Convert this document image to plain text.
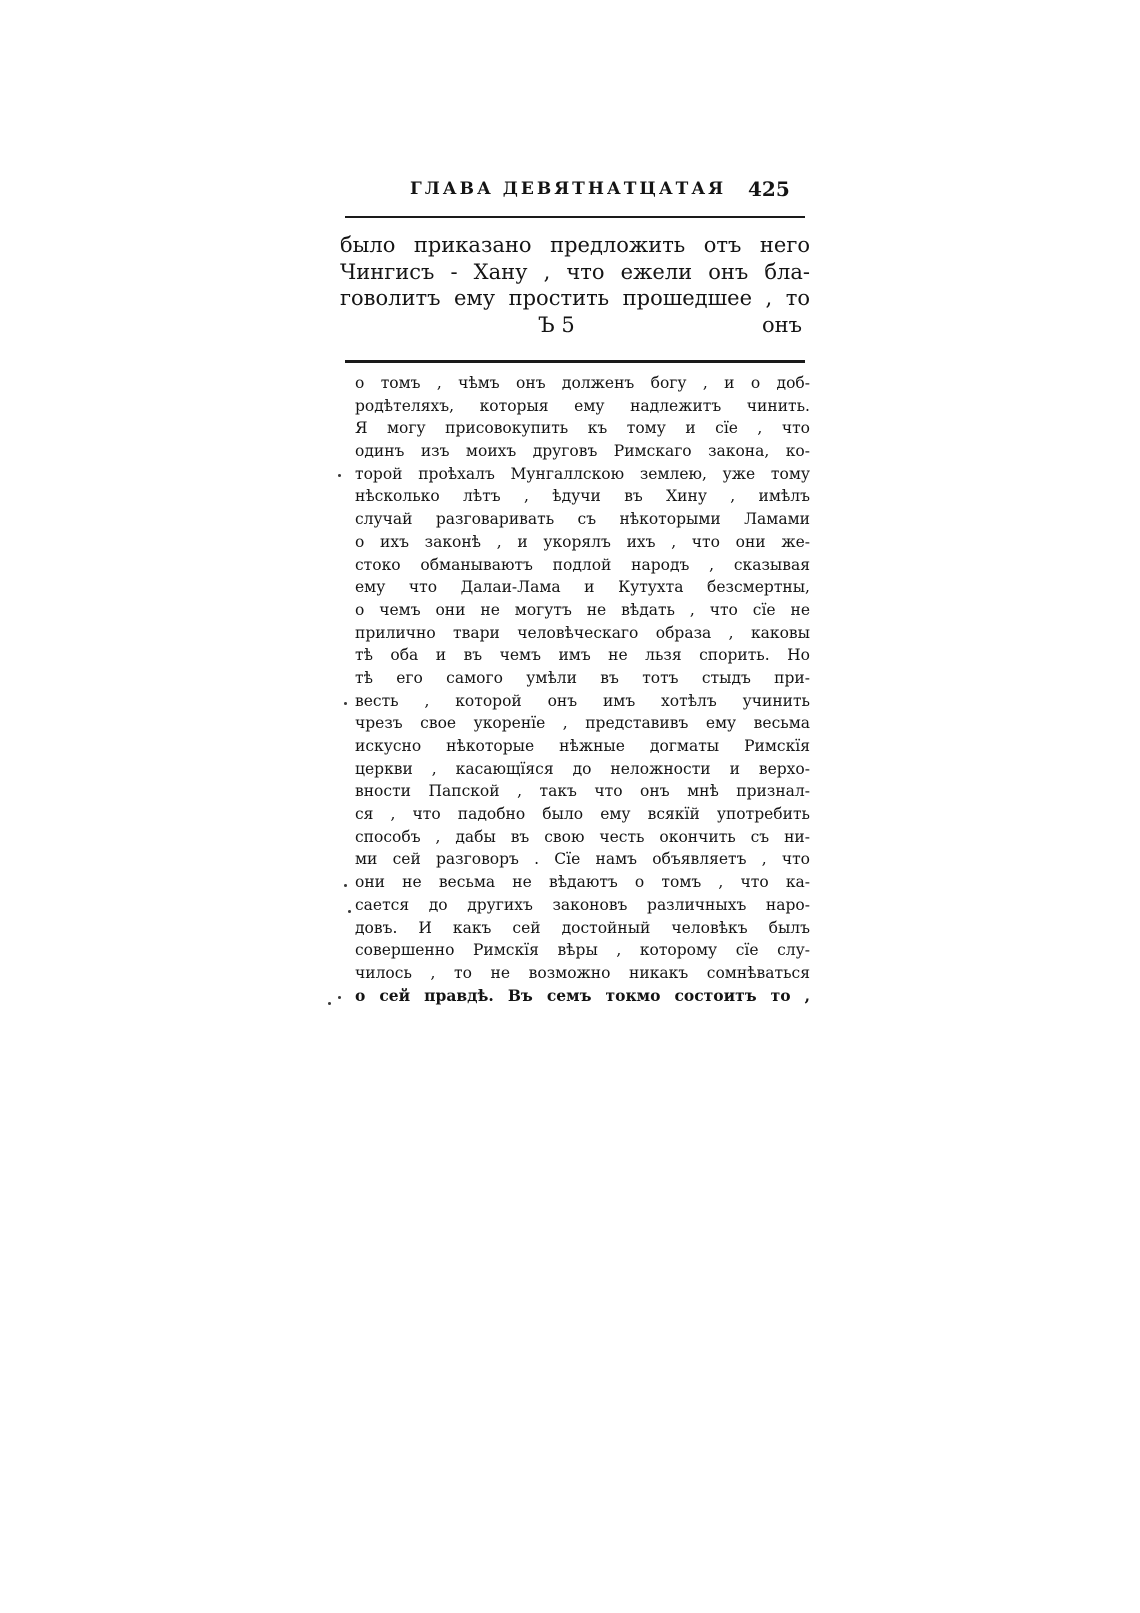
ГЛАВА ДЕВЯТНАТЦАТАЯ 425
было приказано предложить отъ него
Чингисъ - Хану , что ежели онъ бла-
говолитъ ему простить прошедшее , то
Ъ 5	онъ
о томъ , чѣмъ онъ долженъ богу , и о доб-
родѣтеляхъ, которыя ему надлежитъ чинить.
Я могу присовокупить къ тому и сїе , что
одинъ изъ моихъ друговъ Римскаго закона, ко-
торой проѣхалъ Мунгаллскою землею, уже тому
нѣсколько лѣтъ , ѣдучи въ Хину , имѣлъ
случай разговаривать съ нѣкоторыми Ламами
о ихъ законѣ , и укорялъ ихъ , что они же-
стоко обманываютъ подлой народъ , сказывая
ему что Далаи-Лама и Кутухта безсмертны,
о чемъ они не могутъ не вѣдать , что сїе не
прилично твари человѣческаго образа , каковы
тѣ оба и въ чемъ имъ не льзя спорить. Но
тѣ его самого умѣли въ тотъ стыдъ при-
весть , которой онъ имъ хотѣлъ учинить
чрезъ свое укоренїе , представивъ ему весьма
искусно нѣкоторые нѣжные догматы Римскїя
церкви , касающїяся до неложности и верхо-
вности Папской , такъ что онъ мнѣ признал-
ся , что падобно было ему всякїй употребить
способъ , дабы въ свою честь окончить съ ни-
ми сей разговоръ . Сїе намъ объявляетъ , что
они не весьма не вѣдаютъ о томъ , что ка-
сается до другихъ законовъ различныхъ наро-
довъ. И какъ сей достойный человѣкъ былъ
совершенно Римскїя вѣры , которому сїе слу-
чилось , то не возможно никакъ сомнѣваться
о сей правдѣ. Въ семъ токмо состоитъ то ,
